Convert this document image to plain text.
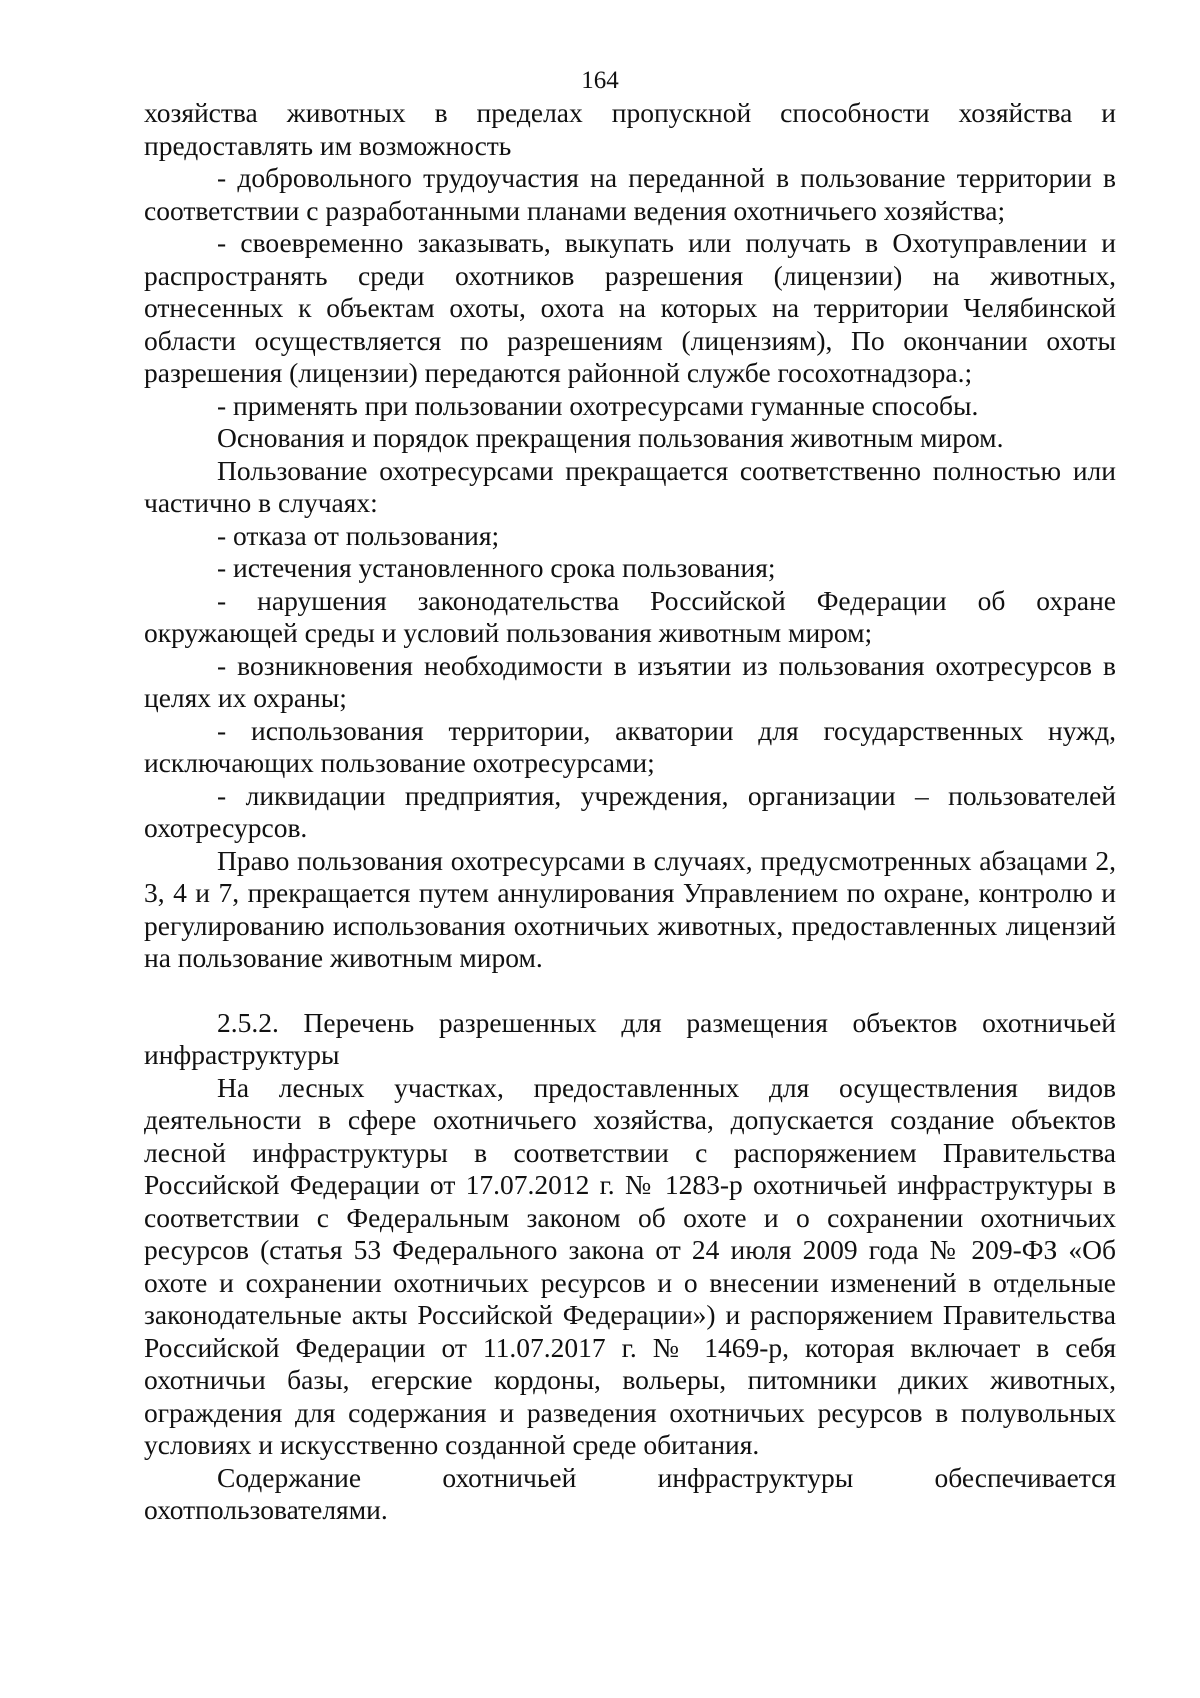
164

хозяйства животных в пределах пропускной способности хозяйства и предоставлять им возможность

- добровольного трудоучастия на переданной в пользование территории в соответствии с разработанными планами ведения охотничьего хозяйства;

- своевременно заказывать, выкупать или получать в Охотуправлении и распространять среди охотников разрешения (лицензии) на животных, отнесенных к объектам охоты, охота на которых на территории Челябинской области осуществляется по разрешениям (лицензиям), По окончании охоты разрешения (лицензии) передаются районной службе госохотнадзора.;

- применять при пользовании охотресурсами гуманные способы.

Основания и порядок прекращения пользования животным миром.

Пользование охотресурсами прекращается соответственно полностью или частично в случаях:

- отказа от пользования;

- истечения установленного срока пользования;

- нарушения законодательства Российской Федерации об охране окружающей среды и условий пользования животным миром;

- возникновения необходимости в изъятии из пользования охотресурсов в целях их охраны;

- использования территории, акватории для государственных нужд, исключающих пользование охотресурсами;

- ликвидации предприятия, учреждения, организации – пользователей охотресурсов.

Право пользования охотресурсами в случаях, предусмотренных абзацами 2, 3, 4 и 7, прекращается путем аннулирования Управлением по охране, контролю и регулированию использования охотничьих животных, предоставленных лицензий на пользование животным миром.

2.5.2. Перечень разрешенных для размещения объектов охотничьей инфраструктуры

На лесных участках, предоставленных для осуществления видов деятельности в сфере охотничьего хозяйства, допускается создание объектов лесной инфраструктуры в соответствии с распоряжением Правительства Российской Федерации от 17.07.2012 г. № 1283-р охотничьей инфраструктуры в соответствии с Федеральным законом об охоте и о сохранении охотничьих ресурсов (статья 53 Федерального закона от 24 июля 2009 года № 209-ФЗ «Об охоте и сохранении охотничьих ресурсов и о внесении изменений в отдельные законодательные акты Российской Федерации») и распоряжением Правительства Российской Федерации от 11.07.2017 г. № 1469-р, которая включает в себя охотничьи базы, егерские кордоны, вольеры, питомники диких животных, ограждения для содержания и разведения охотничьих ресурсов в полувольных условиях и искусственно созданной среде обитания.

Содержание охотничьей инфраструктуры обеспечивается охотпользователями.
